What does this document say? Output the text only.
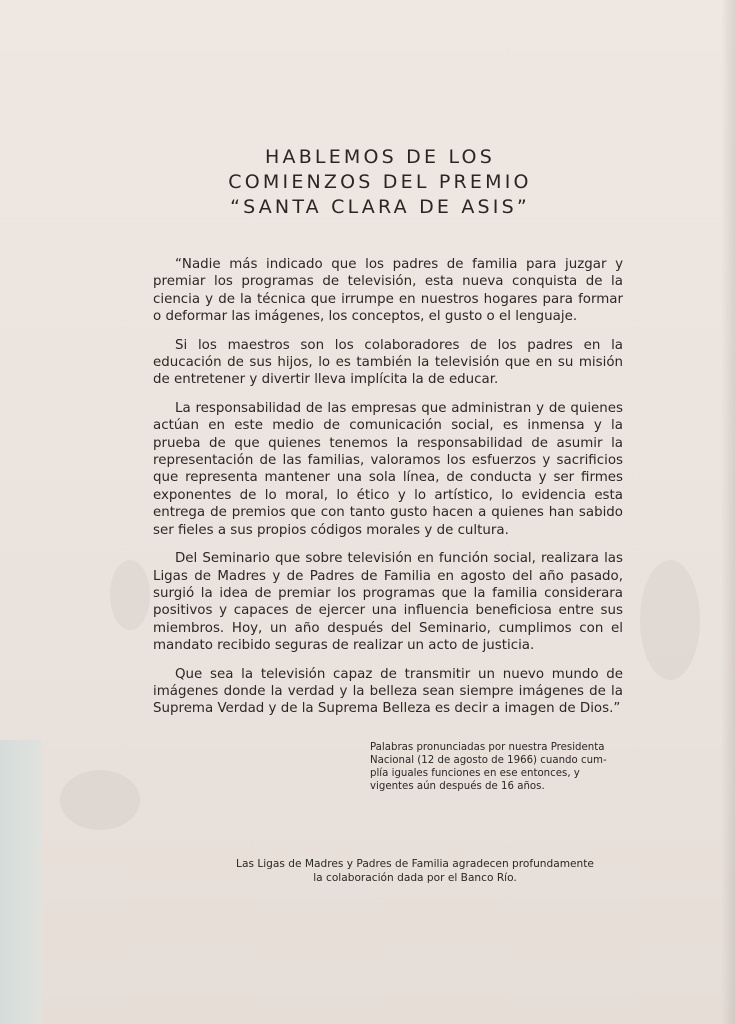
HABLEMOS DE LOS
COMIENZOS DEL PREMIO
“SANTA CLARA DE ASIS”

“Nadie más indicado que los padres de familia para juzgar y premiar los programas de televisión, esta nueva conquista de la ciencia y de la técnica que irrumpe en nuestros hogares para formar o deformar las imágenes, los conceptos, el gusto o el lenguaje.

Si los maestros son los colaboradores de los padres en la educación de sus hijos, lo es también la televisión que en su misión de entretener y divertir lleva implícita la de educar.

La responsabilidad de las empresas que administran y de quienes actúan en este medio de comunicación social, es inmensa y la prueba de que quienes tenemos la responsabilidad de asumir la representación de las familias, valoramos los esfuerzos y sacrificios que representa mantener una sola línea, de conducta y ser firmes exponentes de lo moral, lo ético y lo artístico, lo evidencia esta entrega de premios que con tanto gusto hacen a quienes han sabido ser fieles a sus propios códigos morales y de cultura.

Del Seminario que sobre televisión en función social, realizara las Ligas de Madres y de Padres de Familia en agosto del año pasado, surgió la idea de premiar los programas que la familia considerara positivos y capaces de ejercer una influencia beneficiosa entre sus miembros. Hoy, un año después del Seminario, cumplimos con el mandato recibido seguras de realizar un acto de justicia.

Que sea la televisión capaz de transmitir un nuevo mundo de imágenes donde la verdad y la belleza sean siempre imágenes de la Suprema Verdad y de la Suprema Belleza es decir a imagen de Dios.”

Palabras pronunciadas por nuestra Presidenta
Nacional (12 de agosto de 1966) cuando cum-
plía iguales funciones en ese entonces, y
vigentes aún después de 16 años.
Las Ligas de Madres y Padres de Familia agradecen profundamente
la colaboración dada por el Banco Río.
